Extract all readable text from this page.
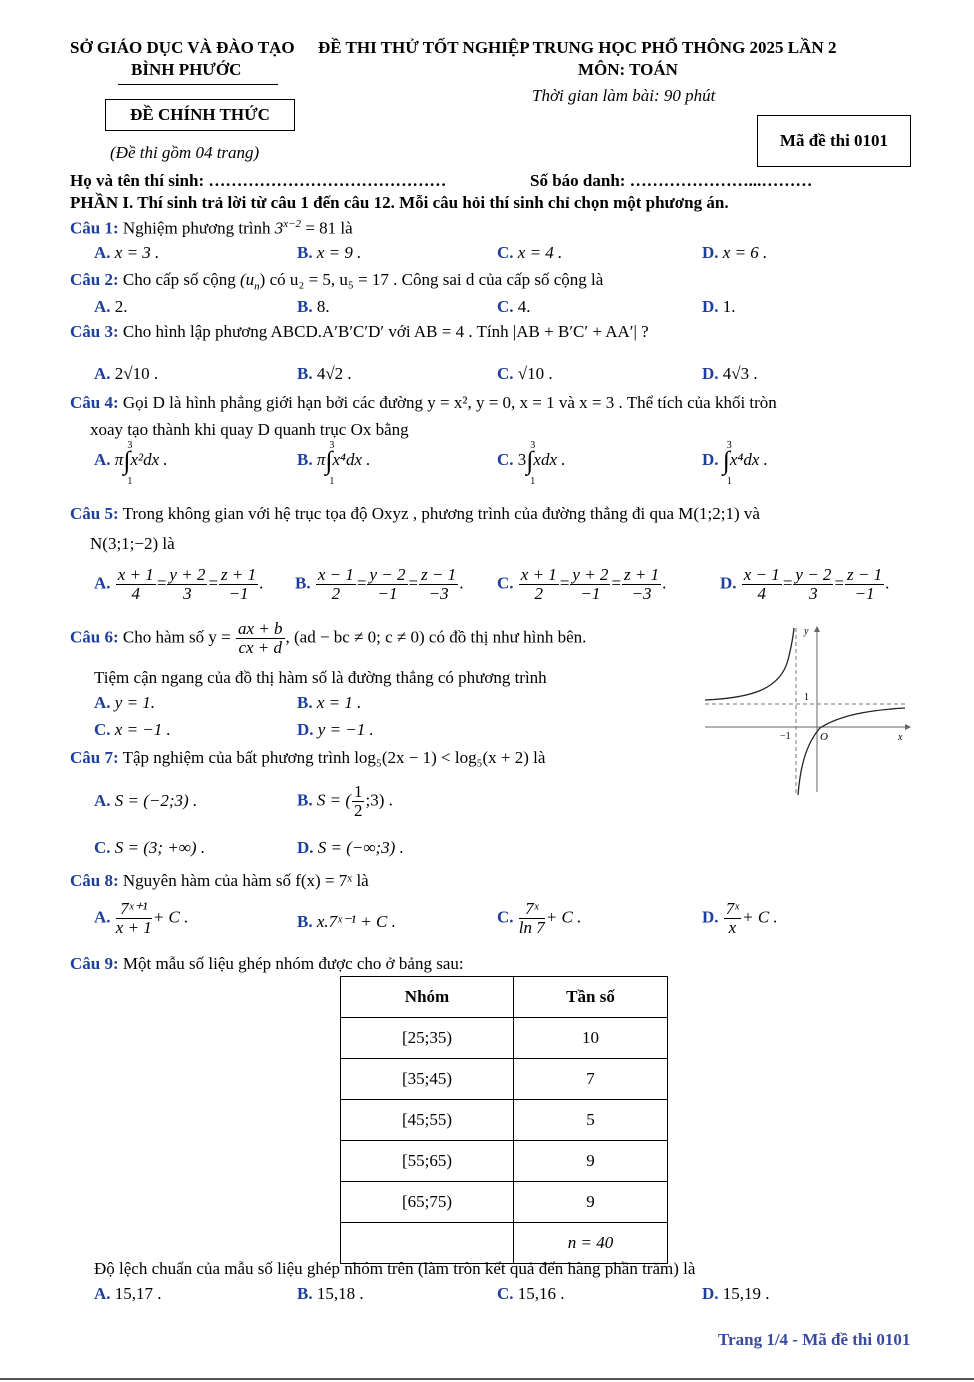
SỞ GIÁO DỤC VÀ ĐÀO TẠO
BÌNH PHƯỚC
ĐỀ THI THỬ TỐT NGHIỆP TRUNG HỌC PHỔ THÔNG 2025 LẦN 2
MÔN: TOÁN
Thời gian làm bài: 90 phút
ĐỀ CHÍNH THỨC
(Đề thi gồm 04 trang)
Mã đề thi 0101
Họ và tên thí sinh: ……………………………………	Số báo danh: …………………...………
PHẦN I. Thí sinh trả lời từ câu 1 đến câu 12. Mỗi câu hỏi thí sinh chỉ chọn một phương án.
Câu 1: Nghiệm phương trình $3^{x-2} = 81$ là
A. x = 3 .	B. x = 9 .	C. x = 4 .	D. x = 6 .
Câu 2: Cho cấp số cộng $(u_n)$ có u₂ = 5, u₅ = 17 . Công sai d của cấp số cộng là
A. 2.	B. 8.	C. 4.	D. 1.
Câu 3: Cho hình lập phương ABCD.A′B′C′D′ với AB = 4 . Tính |AB + B′C′ + AA′| ?
A. 2√10 .	B. 4√2 .	C. √10 .	D. 4√3 .
Câu 4: Gọi D là hình phẳng giới hạn bởi các đường y = x², y = 0, x = 1 và x = 3 . Thể tích của khối tròn
xoay tạo thành khi quay D quanh trục Ox bằng
A. π∫
3
1
x²dx .	B. π∫
3
1
x⁴dx .	C. 3∫
3
1
xdx .	D. ∫
3
1
x⁴dx .
Câu 5: Trong không gian với hệ trục tọa độ Oxyz , phương trình của đường thẳng đi qua M(1;2;1) và
N(3;1;−2) là
A. $\frac{x + 1}{4} = \frac{y + 2}{3} = \frac{z + 1}{-1}$ . B. $\frac{x - 1}{2} = \frac{y - 2}{-1} = \frac{z - 1}{-3}$ . C. $\frac{x + 1}{2} = \frac{y + 2}{-1} = \frac{z + 1}{-3}$ .	D. $\frac{x - 1}{4} = \frac{y - 2}{3} = \frac{z - 1}{-1}$ .
Câu 6: Cho hàm số $y = \frac{ax + b}{cx + d}$ , (ad − bc ≠ 0; c ≠ 0) có đồ thị như hình bên.
Tiệm cận ngang của đồ thị hàm số là đường thẳng có phương trình
A. y = 1.	B. x = 1 .
C. x = −1 .	D. y = −1 .
y
x
O
1
−1
Câu 7: Tập nghiệm của bất phương trình log₅(2x − 1) < log₅(x + 2) là
A. S = (−2;3) .	B. S = ( $\frac{1}{2}$ ;3) .
C. S = (3; +∞) .	D. S = (−∞;3) .
Câu 8: Nguyên hàm của hàm số f(x) = 7ˣ là
A. $\frac{\text{7ˣ⁺¹}}{x + 1} + C$ .	B. x.7ˣ⁻¹ + C .	C. $\frac{\text{7ˣ}}{\ln 7} + C$ .	D. $\frac{\text{7ˣ}}{x} + C$ .
Câu 9: Một mẫu số liệu ghép nhóm được cho ở bảng sau:
Nhóm	Tần số
[25;35)	10
[35;45)	7
[45;55)	5
[55;65)	9
[65;75)	9
	n = 40
Độ lệch chuẩn của mẫu số liệu ghép nhóm trên (làm tròn kết quả đến hàng phần trăm) là
A. 15,17 .	B. 15,18 .	C. 15,16 .	D. 15,19 .
Trang 1/4 - Mã đề thi 0101
